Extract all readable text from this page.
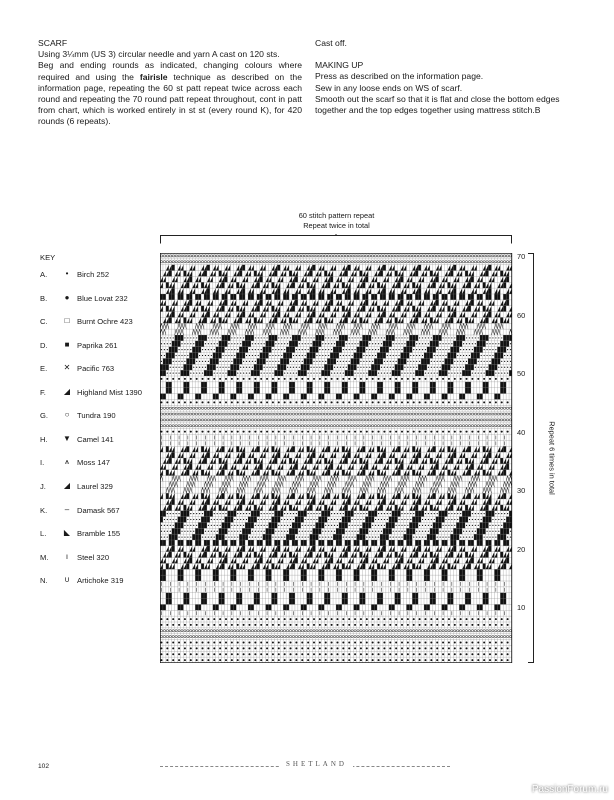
SCARF

Using 3¼mm (US 3) circular needle and yarn A cast on 120 sts.

Beg and ending rounds as indicated, changing colours where required and using the fairisle technique as described on the information page, repeating the 60 st patt repeat twice across each round and repeating the 70 round patt repeat throughout, cont in patt from chart, which is worked entirely in st st (every round K), for 420 rounds (6 repeats).

Cast off.

MAKING UP

Press as described on the information page.

Sew in any loose ends on WS of scarf.

Smooth out the scarf so that it is flat and close the bottom edges together and the top edges together using mattress stitch.B

60 stitch pattern repeat
Repeat twice in total
KEY
A.	•	Birch 252
B.	● Blue Lovat 232
C.	□ Burnt Ochre 423
D.	■ Paprika 261
E. ✕ Pacific 763
F. ◢ Highland Mist 1390
G.	○ Tundra 190
H. ▼ Camel 141
I.	⩚	Moss 147
J. ◢ Laurel 329
K.	–	Damask 567
L. ◣ Bramble 155
M.	ı	Steel 320
N. ∪ Artichoke 319
70
60
50
40
30
20
10
Repeat 6 times in total
102	SHETLAND
PassionForum.ru
